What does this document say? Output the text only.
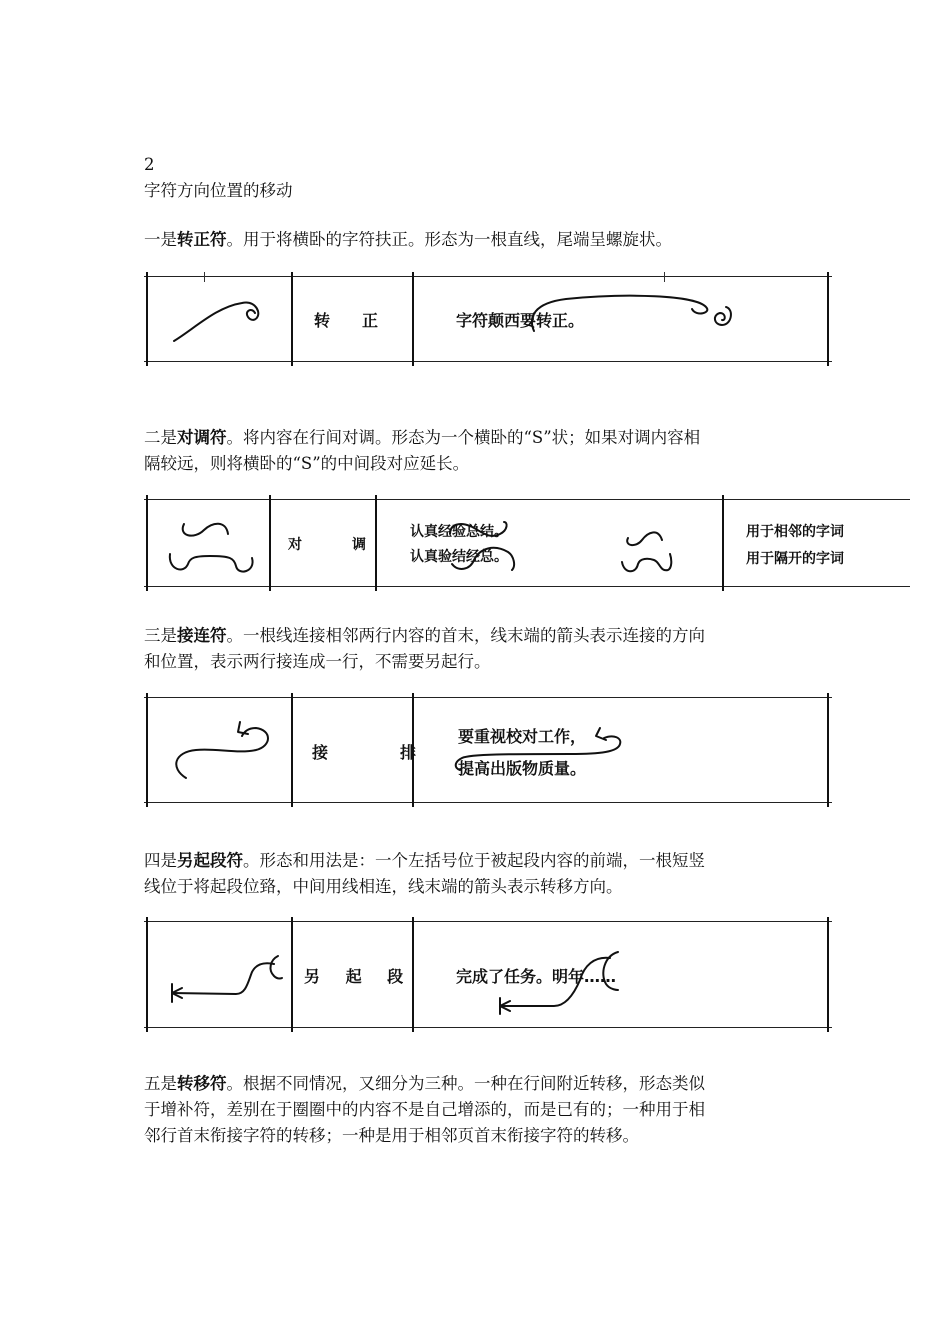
2
字符方向位置的移动
一是转正符。用于将横卧的字符扶正。形态为一根直线，尾端呈螺旋状。
转　正	字符颠西要转正。
二是对调符。将内容在行间对调。形态为一个横卧的“S”状；如果对调内容相
隔较远，则将横卧的“S”的中间段对应延长。
对　调
认真经验总结。
认真验结经总。
用于相邻的字词
用于隔开的字词
三是接连符。一根线连接相邻两行内容的首末，线末端的箭头表示连接的方向
和位置，表示两行接连成一行，不需要另起行。
接　排
要重视校对工作，
提高出版物质量。
四是另起段符。形态和用法是：一个左括号位于被起段内容的前端，一根短竖
线位于将起段位臵，中间用线相连，线末端的箭头表示转移方向。
另 起 段	完成了任务。明年……
五是转移符。根据不同情况，又细分为三种。一种在行间附近转移，形态类似
于增补符，差别在于圈圈中的内容不是自己增添的，而是已有的；一种用于相
邻行首末衔接字符的转移；一种是用于相邻页首末衔接字符的转移。
